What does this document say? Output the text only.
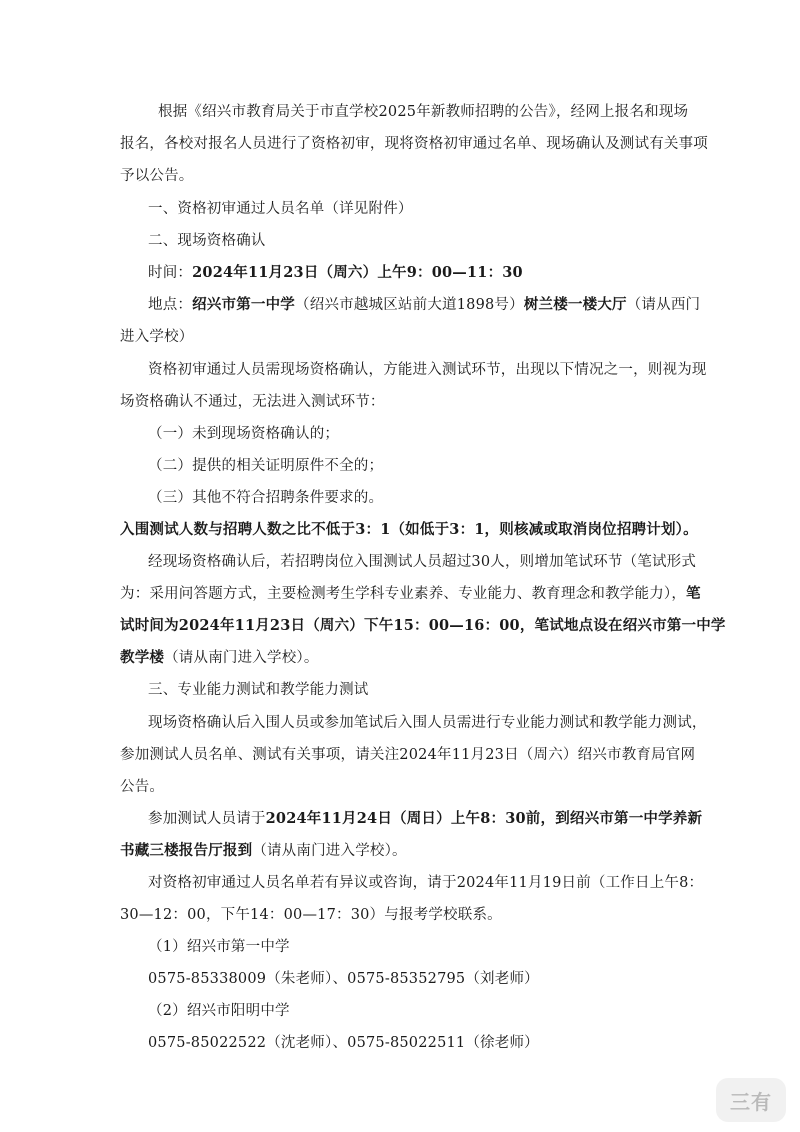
根据《绍兴市教育局关于市直学校2025年新教师招聘的公告》，经网上报名和现场
报名，各校对报名人员进行了资格初审，现将资格初审通过名单、现场确认及测试有关事项
予以公告。
一、资格初审通过人员名单（详见附件）
二、现场资格确认
时间：2024年11月23日（周六）上午9：00—11：30
地点：绍兴市第一中学（绍兴市越城区站前大道1898号）树兰楼一楼大厅（请从西门
进入学校）
资格初审通过人员需现场资格确认，方能进入测试环节，出现以下情况之一，则视为现
场资格确认不通过，无法进入测试环节：
（一）未到现场资格确认的；
（二）提供的相关证明原件不全的；
（三）其他不符合招聘条件要求的。
入围测试人数与招聘人数之比不低于3：1（如低于3：1，则核减或取消岗位招聘计划）。
经现场资格确认后，若招聘岗位入围测试人员超过30人，则增加笔试环节（笔试形式
为：采用问答题方式，主要检测考生学科专业素养、专业能力、教育理念和教学能力），笔
试时间为2024年11月23日（周六）下午15：00—16：00，笔试地点设在绍兴市第一中学
教学楼（请从南门进入学校）。
三、专业能力测试和教学能力测试
现场资格确认后入围人员或参加笔试后入围人员需进行专业能力测试和教学能力测试，
参加测试人员名单、测试有关事项，请关注2024年11月23日（周六）绍兴市教育局官网
公告。
参加测试人员请于2024年11月24日（周日）上午8：30前，到绍兴市第一中学养新
书藏三楼报告厅报到（请从南门进入学校）。
对资格初审通过人员名单若有异议或咨询，请于2024年11月19日前（工作日上午8：
30—12：00，下午14：00—17：30）与报考学校联系。
（1）绍兴市第一中学
0575-85338009（朱老师）、0575-85352795（刘老师）
（2）绍兴市阳明中学
0575-85022522（沈老师）、0575-85022511（徐老师）
三有
